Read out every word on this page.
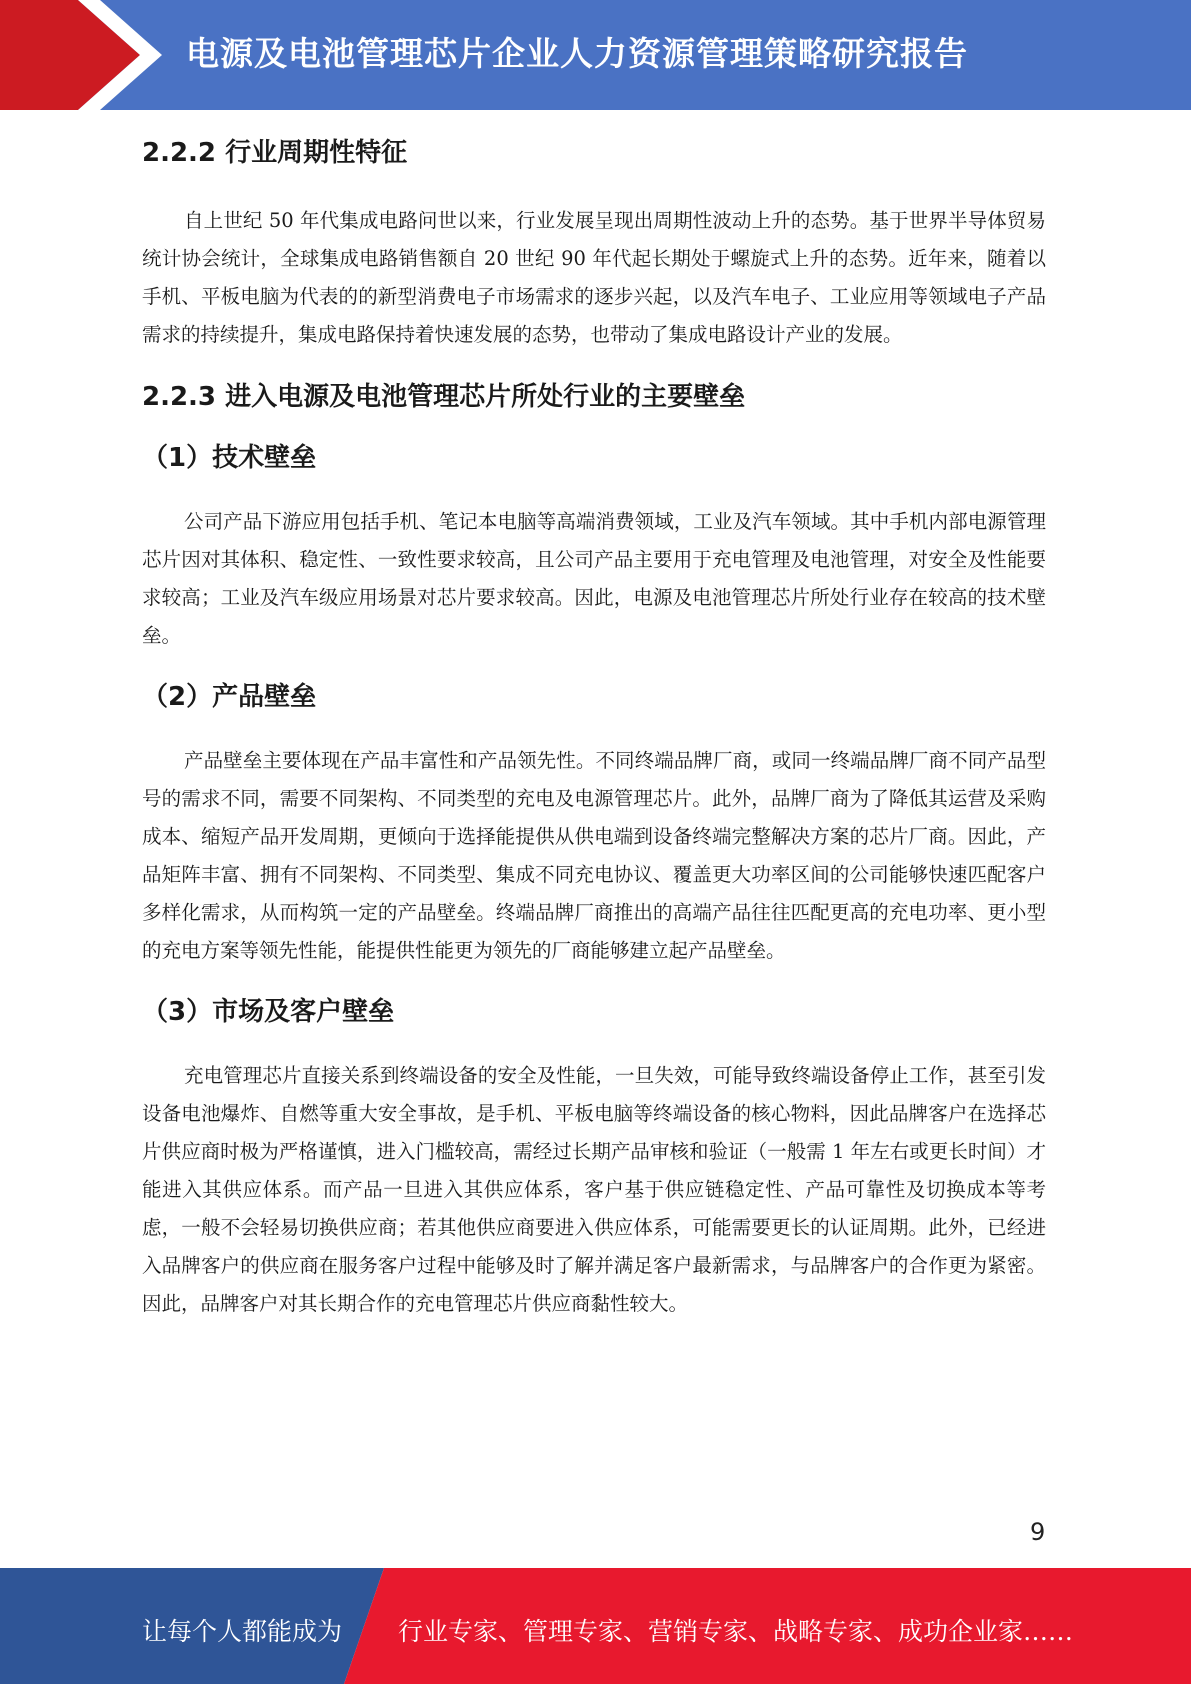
电源及电池管理芯片企业人力资源管理策略研究报告
2.2.2 行业周期性特征

自上世纪 50 年代集成电路问世以来，行业发展呈现出周期性波动上升的态势。基于世界半导体贸易统计协会统计，全球集成电路销售额自 20 世纪 90 年代起长期处于螺旋式上升的态势。近年来，随着以手机、平板电脑为代表的的新型消费电子市场需求的逐步兴起，以及汽车电子、工业应用等领域电子产品需求的持续提升，集成电路保持着快速发展的态势，也带动了集成电路设计产业的发展。

2.2.3 进入电源及电池管理芯片所处行业的主要壁垒
（1）技术壁垒

公司产品下游应用包括手机、笔记本电脑等高端消费领域，工业及汽车领域。其中手机内部电源管理芯片因对其体积、稳定性、一致性要求较高，且公司产品主要用于充电管理及电池管理，对安全及性能要求较高；工业及汽车级应用场景对芯片要求较高。因此，电源及电池管理芯片所处行业存在较高的技术壁垒。

（2）产品壁垒

产品壁垒主要体现在产品丰富性和产品领先性。不同终端品牌厂商，或同一终端品牌厂商不同产品型号的需求不同，需要不同架构、不同类型的充电及电源管理芯片。此外，品牌厂商为了降低其运营及采购成本、缩短产品开发周期，更倾向于选择能提供从供电端到设备终端完整解决方案的芯片厂商。因此，产品矩阵丰富、拥有不同架构、不同类型、集成不同充电协议、覆盖更大功率区间的公司能够快速匹配客户多样化需求，从而构筑一定的产品壁垒。终端品牌厂商推出的高端产品往往匹配更高的充电功率、更小型的充电方案等领先性能，能提供性能更为领先的厂商能够建立起产品壁垒。

（3）市场及客户壁垒

充电管理芯片直接关系到终端设备的安全及性能，一旦失效，可能导致终端设备停止工作，甚至引发设备电池爆炸、自燃等重大安全事故，是手机、平板电脑等终端设备的核心物料，因此品牌客户在选择芯片供应商时极为严格谨慎，进入门槛较高，需经过长期产品审核和验证（一般需 1 年左右或更长时间）才能进入其供应体系。而产品一旦进入其供应体系，客户基于供应链稳定性、产品可靠性及切换成本等考虑，一般不会轻易切换供应商；若其他供应商要进入供应体系，可能需要更长的认证周期。此外，已经进入品牌客户的供应商在服务客户过程中能够及时了解并满足客户最新需求，与品牌客户的合作更为紧密。因此，品牌客户对其长期合作的充电管理芯片供应商黏性较大。

9
让每个人都能成为 行业专家、管理专家、营销专家、战略专家、成功企业家……
